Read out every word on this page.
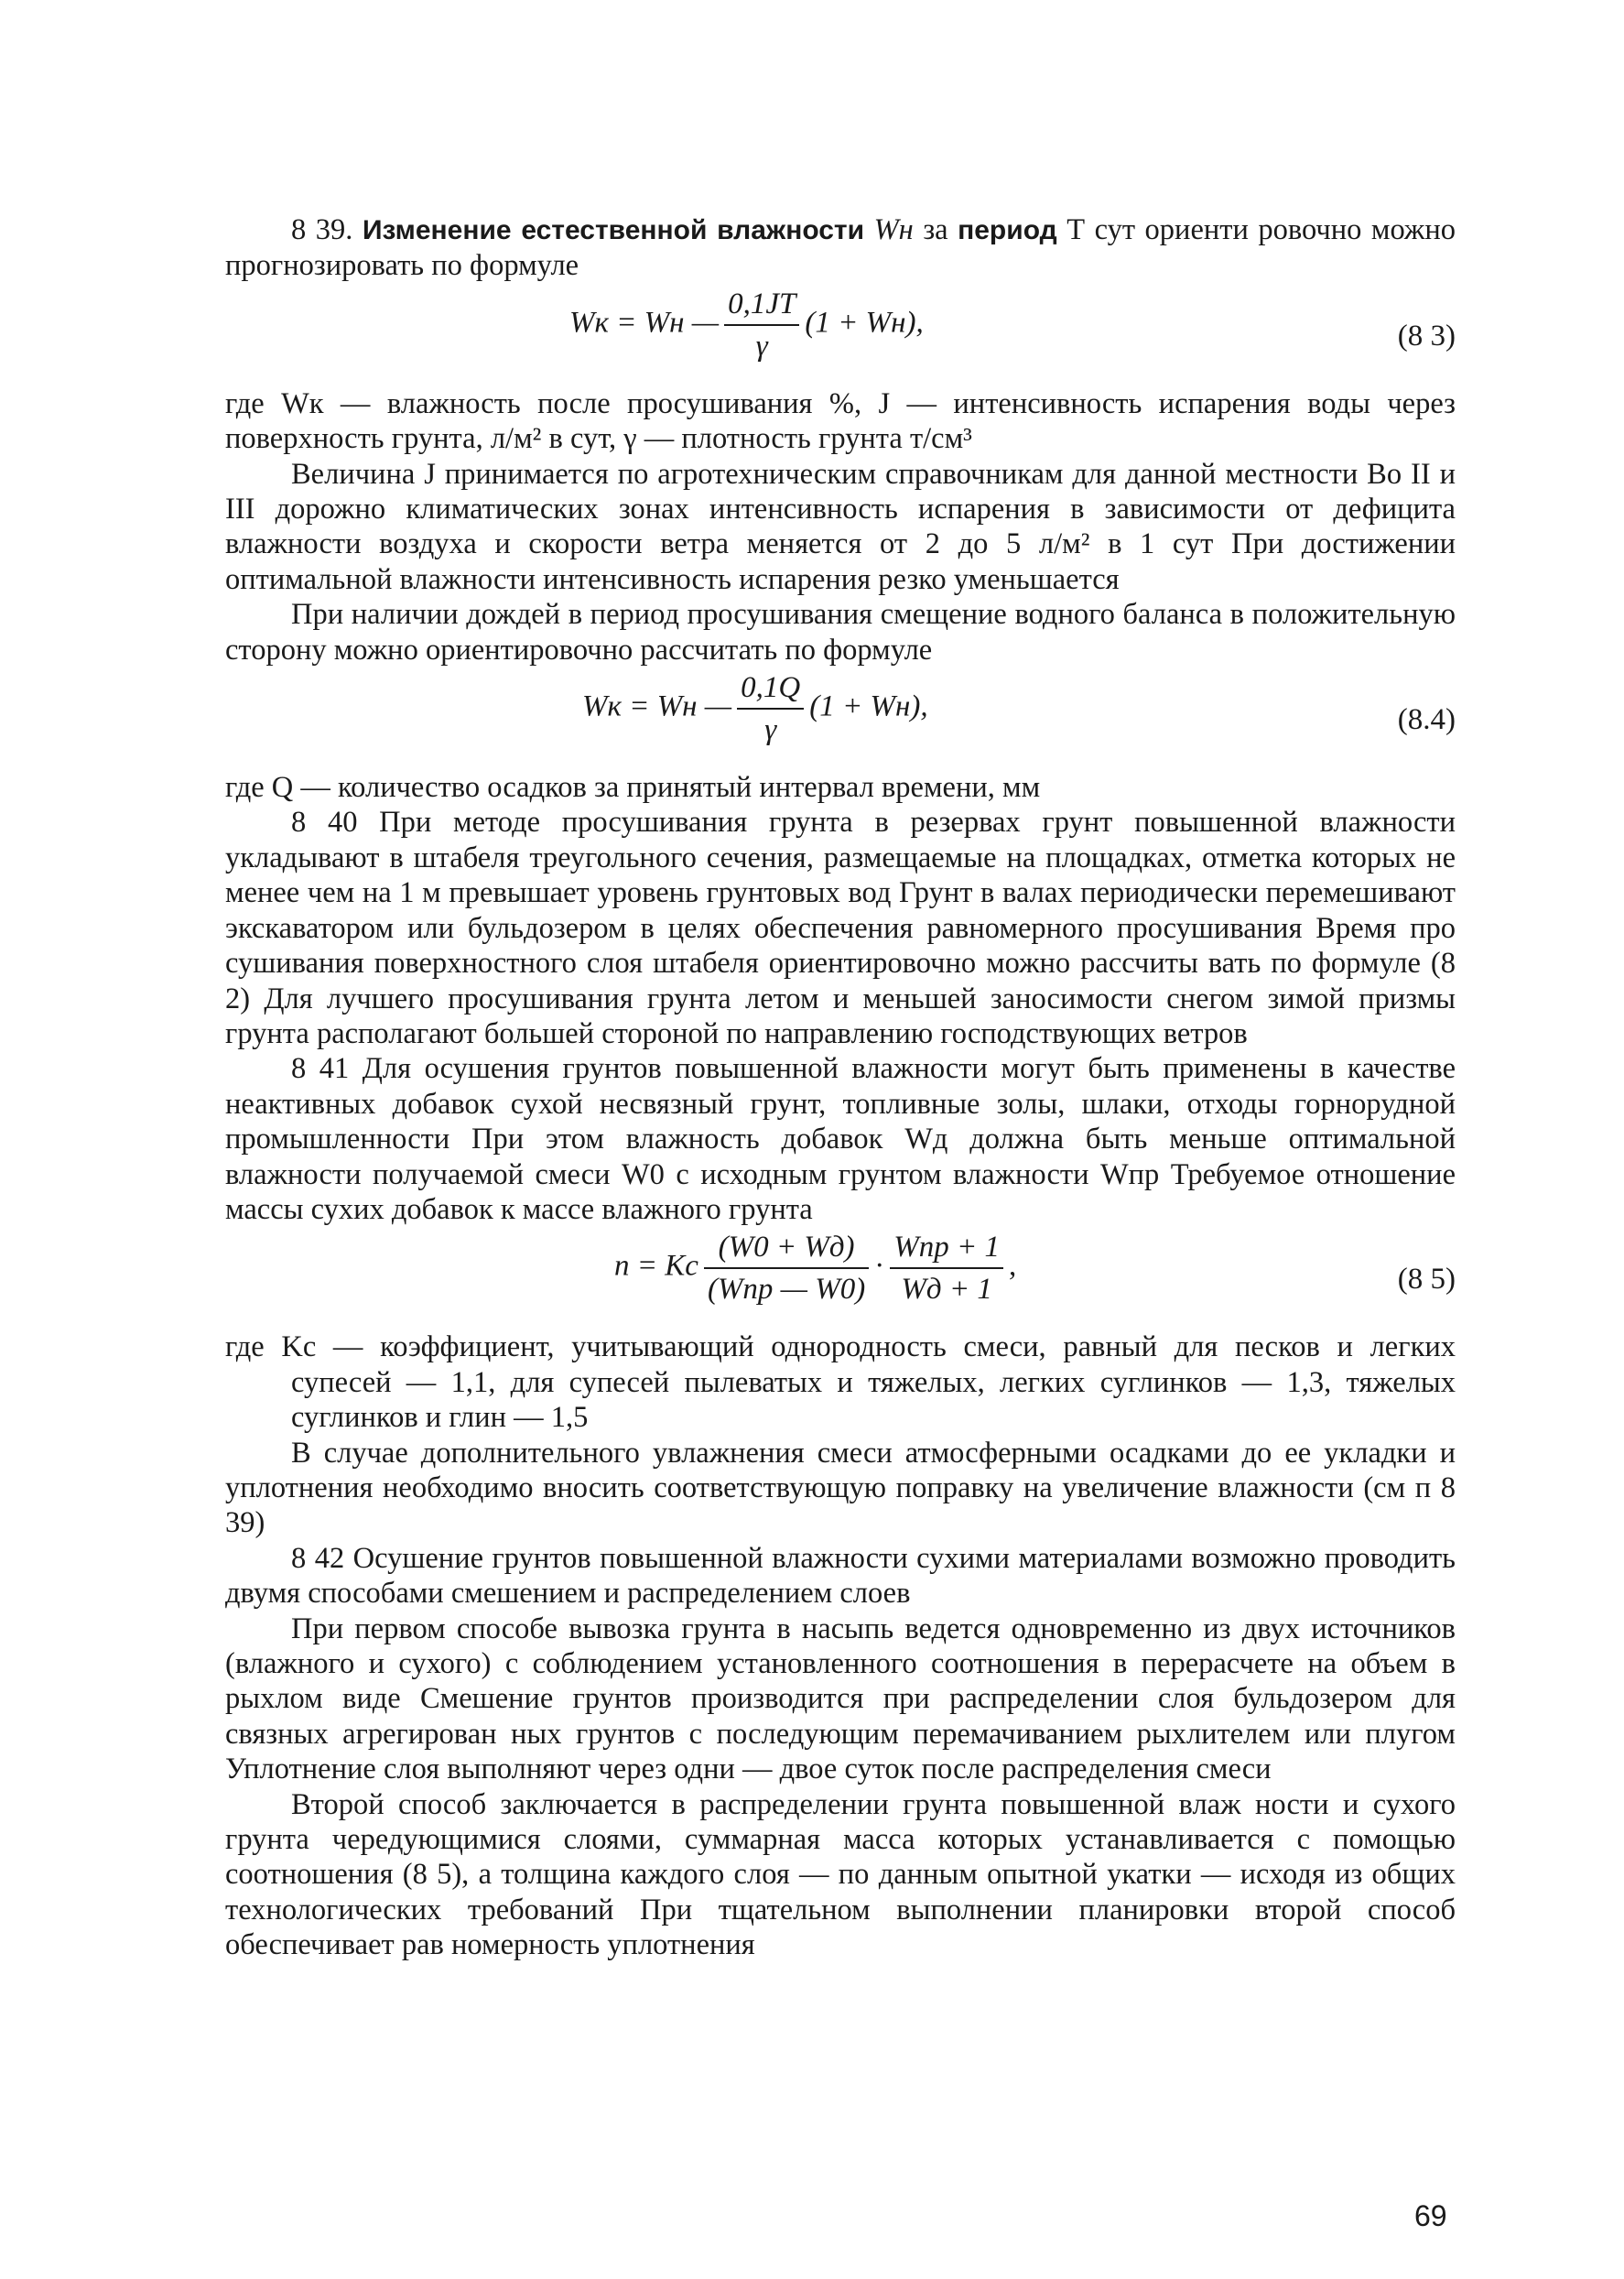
8 39. Изменение естественной влажности Wн за период Т сут ориенти ровочно можно прогнозировать по формуле

Wк = Wн — $\frac{0,1JT}{\gamma} (1 + Wн)$,	(8 3)

где Wк — влажность после просушивания %, J — интенсивность испарения воды через поверхность грунта, л/м² в сут, γ — плотность грунта т/см³

Величина J принимается по агротехническим справочникам для данной местности Во II и III дорожно климатических зонах интенсивность испарения в зависимости от дефицита влажности воздуха и скорости ветра меняется от 2 до 5 л/м² в 1 сут При достижении оптимальной влажности интенсивность испарения резко уменьшается

При наличии дождей в период просушивания смещение водного баланса в положительную сторону можно ориентировочно рассчитать по формуле

Wк = Wн — $\frac{0,1Q}{\gamma} (1 + Wн)$,	(8.4)

где Q — количество осадков за принятый интервал времени, мм

8 40 При методе просушивания грунта в резервах грунт повышенной влажности укладывают в штабеля треугольного сечения, размещаемые на площадках, отметка которых не менее чем на 1 м превышает уровень грунтовых вод Грунт в валах периодически перемешивают экскаватором или бульдозером в целях обеспечения равномерного просушивания Время про сушивания поверхностного слоя штабеля ориентировочно можно рассчиты вать по формуле (8 2) Для лучшего просушивания грунта летом и меньшей заносимости снегом зимой призмы грунта располагают большей стороной по направлению господствующих ветров

8 41 Для осушения грунтов повышенной влажности могут быть применены в качестве неактивных добавок сухой несвязный грунт, топливные золы, шлаки, отходы горнорудной промышленности При этом влажность добавок Wд должна быть меньше оптимальной влажности получаемой смеси W0 с исходным грунтом влажности Wпр Требуемое отношение массы сухих добавок к массе влажного грунта

n = Kс $\frac{(W0 + Wд)}{\text{(Wпр — W0)}} \cdot \frac{\text{Wпр + 1}}{Wд + 1}$ ,	(8 5)

где Kс — коэффициент, учитывающий однородность смеси, равный для песков и легких супесей — 1,1, для супесей пылеватых и тяжелых, легких суглинков — 1,3, тяжелых суглинков и глин — 1,5

В случае дополнительного увлажнения смеси атмосферными осадками до ее укладки и уплотнения необходимо вносить соответствующую поправку на увеличение влажности (см п 8 39)

8 42 Осушение грунтов повышенной влажности сухими материалами возможно проводить двумя способами смешением и распределением слоев

При первом способе вывозка грунта в насыпь ведется одновременно из двух источников (влажного и сухого) с соблюдением установленного соотношения в перерасчете на объем в рыхлом виде Смешение грунтов производится при распределении слоя бульдозером для связных агрегирован ных грунтов с последующим перемачиванием рыхлителем или плугом Уплотнение слоя выполняют через одни — двое суток после распределения смеси

Второй способ заключается в распределении грунта повышенной влаж ности и сухого грунта чередующимися слоями, суммарная масса которых устанавливается с помощью соотношения (8 5), а толщина каждого слоя — по данным опытной укатки — исходя из общих технологических требований При тщательном выполнении планировки второй способ обеспечивает рав номерность уплотнения

69
